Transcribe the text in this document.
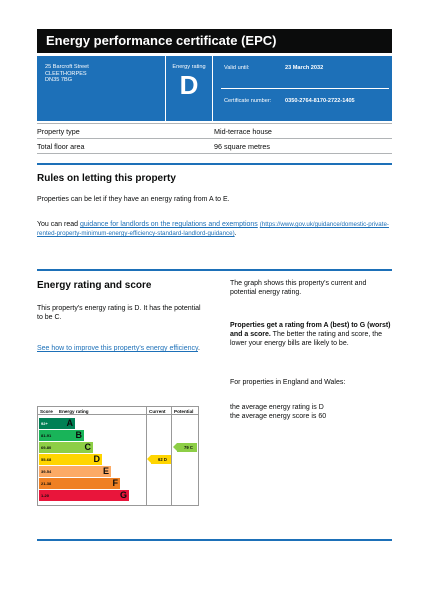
Energy performance certificate (EPC)
25 Barcroft Street
CLEETHORPES
DN35 7BG
Energy rating
D
Valid until:	23 March 2032
Certificate number: 0350-2764-8170-2722-1405
Property type	Mid-terrace house
Total floor area	96 square metres
Rules on letting this property
Properties can be let if they have an energy rating from A to E.
You can read guidance for landlords on the regulations and exemptions (https://www.gov.uk/guidance/domestic-private-rented-property-minimum-energy-efficiency-standard-landlord-guidance).
Energy rating and score
This property's energy rating is D. It has the potential to be C.
See how to improve this property's energy efficiency.
The graph shows this property's current and potential energy rating.
Properties get a rating from A (best) to G (worst) and a score. The better the rating and score, the lower your energy bills are likely to be.
For properties in England and Wales:
the average energy rating is D
the average energy score is 60
Score Energy rating	Current Potential
92+	A
81-91	B
69-80	C
55-68	D
39-54	E
21-38	F
1-20	G
62 D
79 C
